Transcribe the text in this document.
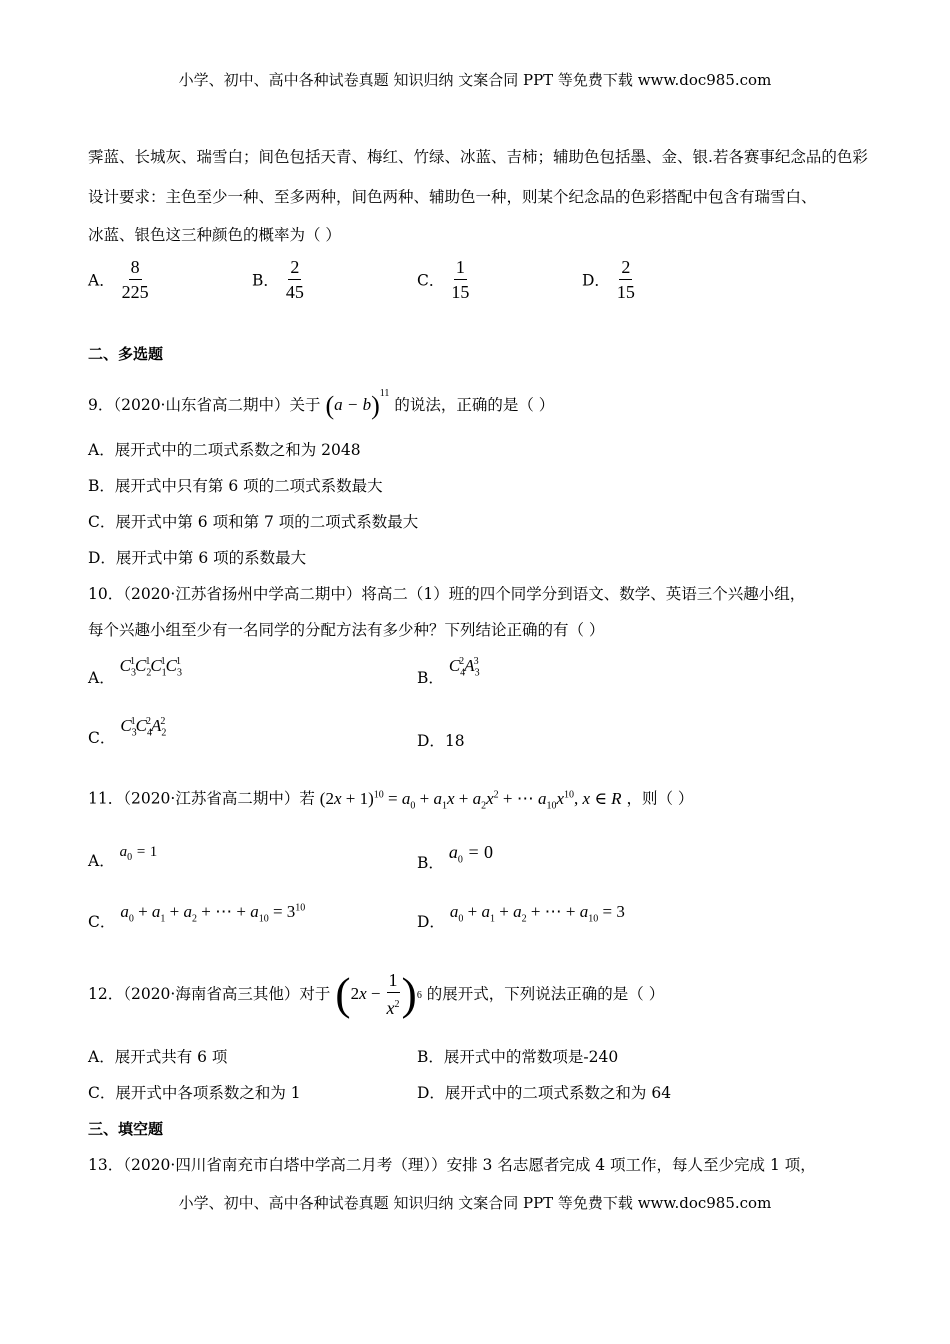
小学、初中、高中各种试卷真题 知识归纳 文案合同 PPT 等免费下载 www.doc985.com
霁蓝、长城灰、瑞雪白；间色包括天青、梅红、竹绿、冰蓝、吉柿；辅助色包括墨、金、银.若各赛事纪念品的色彩
设计要求：主色至少一种、至多两种，间色两种、辅助色一种，则某个纪念品的色彩搭配中包含有瑞雪白、
冰蓝、银色这三种颜色的概率为（ ）
A． $\frac{8}{225}$	B． $\frac{2}{45}$	C． $\frac{1}{15}$	D． $\frac{2}{15}$
二、多选题
9．（2020·山东省高二期中）关于 $(a - b)^{11}$ 的说法，正确的是（ ）
A．展开式中的二项式系数之和为 2048
B．展开式中只有第 6 项的二项式系数最大
C．展开式中第 6 项和第 7 项的二项式系数最大
D．展开式中第 6 项的系数最大
10．（2020·江苏省扬州中学高二期中）将高二（1）班的四个同学分到语文、数学、英语三个兴趣小组，
每个兴趣小组至少有一名同学的分配方法有多少种？下列结论正确的有（ ）
A． $C_3^1C_2^1C_1^1C_3^1$
B． $C_4^2A_3^3$
C． $C_3^1C_4^2A_2^2$
D．18
11．（2020·江苏省高二期中）若 $(2x + 1)^{10} = a_0 + a_1x + a_2x^2$ + ⋯ $a_{10}x^{10}$, x ∈ R ，则（ ）
A． $a_0 = 1$
B． $a_0 = 0$
C． $a_0 + a_1 + a_2$ + ⋯ + $a_{10} = 3^{10}$
D． $a_0 + a_1 + a_2$ + ⋯ + $a_{10} = 3$
12．（2020·海南省高三其他）对于 ( $2x - \frac{1}{x^2}$ ) 6 的展开式，下列说法正确的是（ ）
A．展开式共有 6 项	B．展开式中的常数项是-240
C．展开式中各项系数之和为 1	D．展开式中的二项式系数之和为 64
三、填空题
13．（2020·四川省南充市白塔中学高二月考（理））安排 3 名志愿者完成 4 项工作，每人至少完成 1 项，
小学、初中、高中各种试卷真题 知识归纳 文案合同 PPT 等免费下载 www.doc985.com
